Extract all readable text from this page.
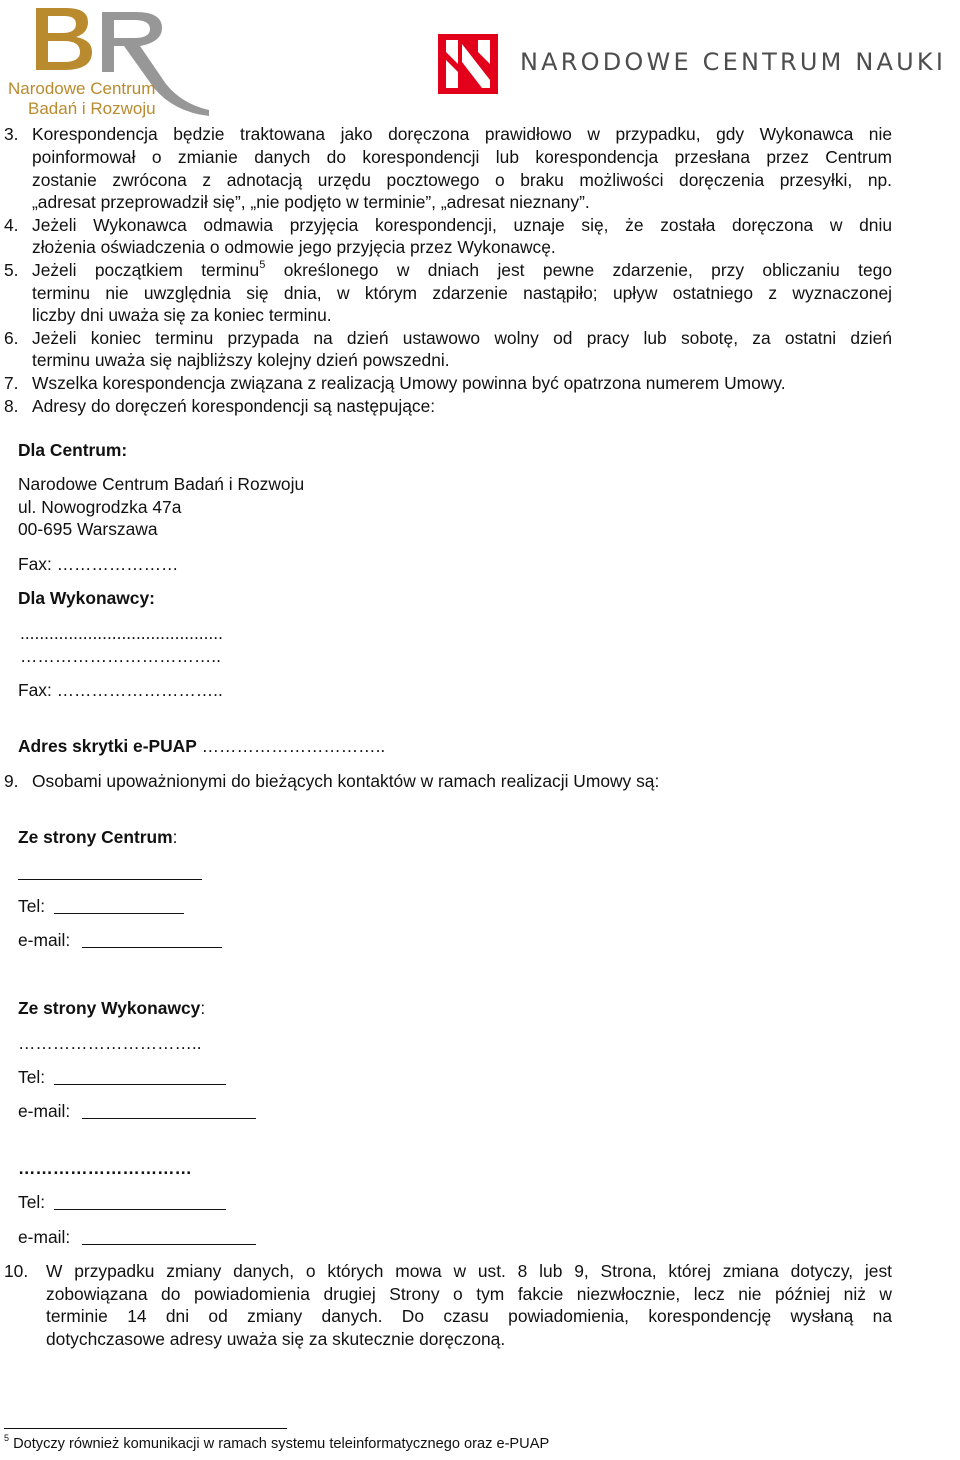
Narodowe Centrum
Badań i Rozwoju
NARODOWE CENTRUM NAUKI
3. Korespondencja będzie traktowana jako doręczona prawidłowo w przypadku, gdy Wykonawca nie
poinformował o zmianie danych do korespondencji lub korespondencja przesłana przez Centrum
zostanie zwrócona z adnotacją urzędu pocztowego o braku możliwości doręczenia przesyłki, np.
„adresat przeprowadził się”, „nie podjęto w terminie”, „adresat nieznany”.
4. Jeżeli Wykonawca odmawia przyjęcia korespondencji, uznaje się, że została doręczona w dniu
złożenia oświadczenia o odmowie jego przyjęcia przez Wykonawcę.
5. Jeżeli początkiem terminu$^5$ określonego w dniach jest pewne zdarzenie, przy obliczaniu tego
terminu nie uwzględnia się dnia, w którym zdarzenie nastąpiło; upływ ostatniego z wyznaczonej
liczby dni uważa się za koniec terminu.
6. Jeżeli koniec terminu przypada na dzień ustawowo wolny od pracy lub sobotę, za ostatni dzień
terminu uważa się najbliższy kolejny dzień powszedni.
7. Wszelka korespondencja związana z realizacją Umowy powinna być opatrzona numerem Umowy.
8. Adresy do doręczeń korespondencji są następujące:
Dla Centrum:
Narodowe Centrum Badań i Rozwoju
ul. Nowogrodzka 47a
00-695 Warszawa
Fax: …………………
Dla Wykonawcy:
..........................................
……………………………..
Fax: ………………………..
Adres skrytki e-PUAP …………………………..
9. Osobami upoważnionymi do bieżących kontaktów w ramach realizacji Umowy są:
Ze strony Centrum:
Tel:
e-mail:
Ze strony Wykonawcy:
…………………………..
Tel:
e-mail:
…………………………
Tel:
e-mail:
10. W przypadku zmiany danych, o których mowa w ust. 8 lub 9, Strona, której zmiana dotyczy, jest
zobowiązana do powiadomienia drugiej Strony o tym fakcie niezwłocznie, lecz nie później niż w
terminie 14 dni od zmiany danych. Do czasu powiadomienia, korespondencję wysłaną na
dotychczasowe adresy uważa się za skutecznie doręczoną.
$^5$ Dotyczy również komunikacji w ramach systemu teleinformatycznego oraz e-PUAP
